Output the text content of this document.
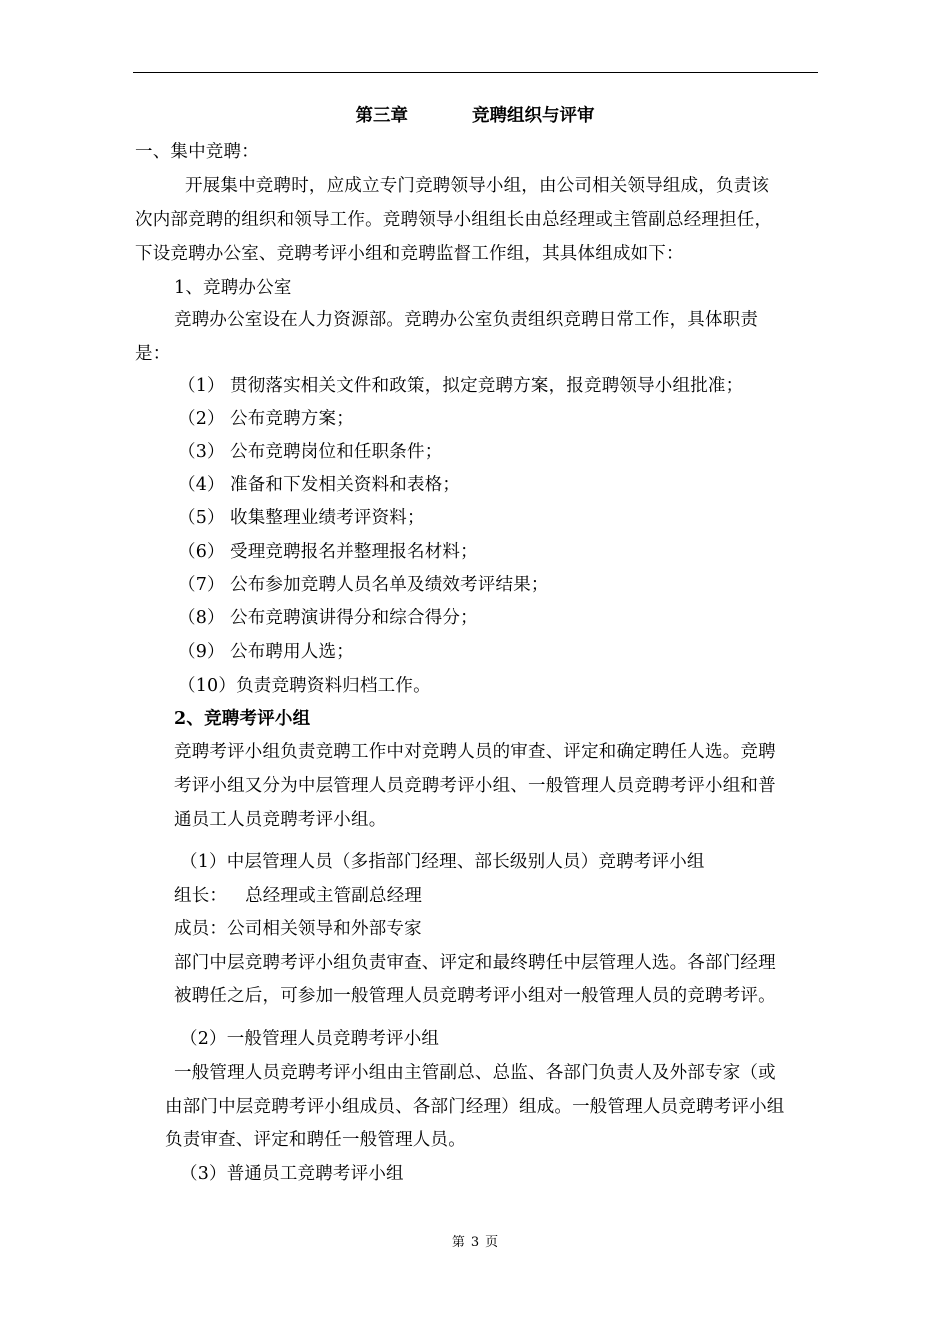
第三章	竞聘组织与评审
一、集中竞聘：
开展集中竞聘时，应成立专门竞聘领导小组，由公司相关领导组成，负责该
次内部竞聘的组织和领导工作。竞聘领导小组组长由总经理或主管副总经理担任，
下设竞聘办公室、竞聘考评小组和竞聘监督工作组，其具体组成如下：
1、竞聘办公室
竞聘办公室设在人力资源部。竞聘办公室负责组织竞聘日常工作，具体职责
是：
（1） 贯彻落实相关文件和政策，拟定竞聘方案，报竞聘领导小组批准；
（2） 公布竞聘方案；
（3） 公布竞聘岗位和任职条件；
（4） 准备和下发相关资料和表格；
（5） 收集整理业绩考评资料；
（6） 受理竞聘报名并整理报名材料；
（7） 公布参加竞聘人员名单及绩效考评结果；
（8） 公布竞聘演讲得分和综合得分；
（9） 公布聘用人选；
（10）负责竞聘资料归档工作。
2、竞聘考评小组
竞聘考评小组负责竞聘工作中对竞聘人员的审查、评定和确定聘任人选。竞聘
考评小组又分为中层管理人员竞聘考评小组、一般管理人员竞聘考评小组和普
通员工人员竞聘考评小组。
（1）中层管理人员（多指部门经理、部长级别人员）竞聘考评小组
组长： 总经理或主管副总经理
成员：公司相关领导和外部专家
部门中层竞聘考评小组负责审查、评定和最终聘任中层管理人选。各部门经理
被聘任之后，可参加一般管理人员竞聘考评小组对一般管理人员的竞聘考评。
（2）一般管理人员竞聘考评小组
一般管理人员竞聘考评小组由主管副总、总监、各部门负责人及外部专家（或
由部门中层竞聘考评小组成员、各部门经理）组成。一般管理人员竞聘考评小组
负责审查、评定和聘任一般管理人员。
（3）普通员工竞聘考评小组
第 3 页
